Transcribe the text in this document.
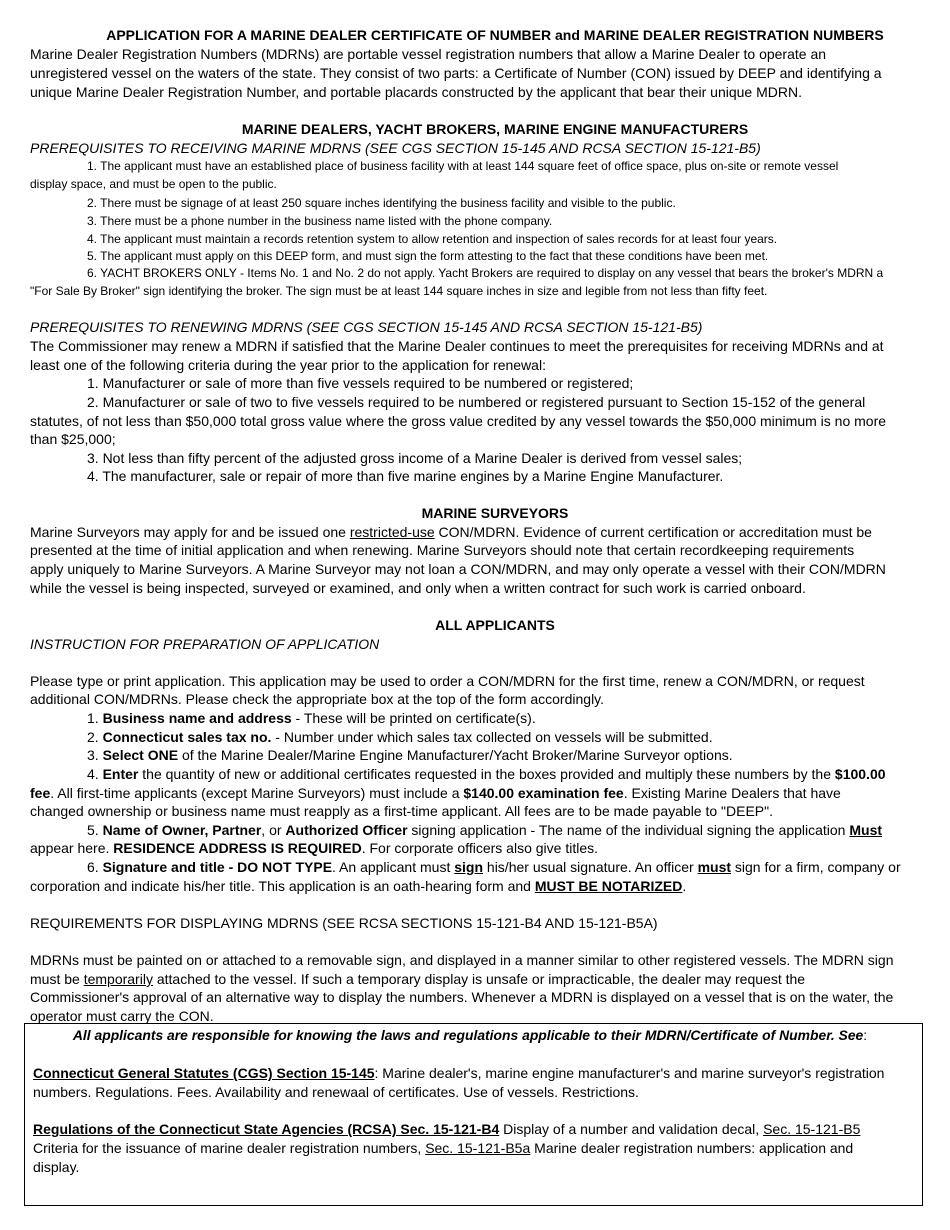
APPLICATION FOR A MARINE DEALER CERTIFICATE OF NUMBER and MARINE DEALER REGISTRATION NUMBERS
Marine Dealer Registration Numbers (MDRNs) are portable vessel registration numbers that allow a Marine Dealer to operate an
unregistered vessel on the waters of the state. They consist of two parts: a Certificate of Number (CON) issued by DEEP and identifying a
unique Marine Dealer Registration Number, and portable placards constructed by the applicant that bear their unique MDRN.
MARINE DEALERS, YACHT BROKERS, MARINE ENGINE MANUFACTURERS
PREREQUISITES TO RECEIVING MARINE MDRNS (SEE CGS SECTION 15-145 AND RCSA SECTION 15-121-B5)
1. The applicant must have an established place of business facility with at least 144 square feet of office space, plus on-site or remote vessel
display space, and must be open to the public.
2. There must be signage of at least 250 square inches identifying the business facility and visible to the public.
3. There must be a phone number in the business name listed with the phone company.
4. The applicant must maintain a records retention system to allow retention and inspection of sales records for at least four years.
5. The applicant must apply on this DEEP form, and must sign the form attesting to the fact that these conditions have been met.
6. YACHT BROKERS ONLY - Items No. 1 and No. 2 do not apply. Yacht Brokers are required to display on any vessel that bears the broker's MDRN a
"For Sale By Broker" sign identifying the broker. The sign must be at least 144 square inches in size and legible from not less than fifty feet.
PREREQUISITES TO RENEWING MDRNS (SEE CGS SECTION 15-145 AND RCSA SECTION 15-121-B5)
The Commissioner may renew a MDRN if satisfied that the Marine Dealer continues to meet the prerequisites for receiving MDRNs and at
least one of the following criteria during the year prior to the application for renewal:
1. Manufacturer or sale of more than five vessels required to be numbered or registered;
2. Manufacturer or sale of two to five vessels required to be numbered or registered pursuant to Section 15-152 of the general
statutes, of not less than $50,000 total gross value where the gross value credited by any vessel towards the $50,000 minimum is no more
than $25,000;
3. Not less than fifty percent of the adjusted gross income of a Marine Dealer is derived from vessel sales;
4. The manufacturer, sale or repair of more than five marine engines by a Marine Engine Manufacturer.
MARINE SURVEYORS
Marine Surveyors may apply for and be issued one restricted-use CON/MDRN. Evidence of current certification or accreditation must be
presented at the time of initial application and when renewing. Marine Surveyors should note that certain recordkeeping requirements
apply uniquely to Marine Surveyors. A Marine Surveyor may not loan a CON/MDRN, and may only operate a vessel with their CON/MDRN
while the vessel is being inspected, surveyed or examined, and only when a written contract for such work is carried onboard.
ALL APPLICANTS
INSTRUCTION FOR PREPARATION OF APPLICATION
Please type or print application. This application may be used to order a CON/MDRN for the first time, renew a CON/MDRN, or request
additional CON/MDRNs. Please check the appropriate box at the top of the form accordingly.
1. Business name and address - These will be printed on certificate(s).
2. Connecticut sales tax no. - Number under which sales tax collected on vessels will be submitted.
3. Select ONE of the Marine Dealer/Marine Engine Manufacturer/Yacht Broker/Marine Surveyor options.
4. Enter the quantity of new or additional certificates requested in the boxes provided and multiply these numbers by the $100.00
fee. All first-time applicants (except Marine Surveyors) must include a $140.00 examination fee. Existing Marine Dealers that have
changed ownership or business name must reapply as a first-time applicant. All fees are to be made payable to "DEEP".
5. Name of Owner, Partner, or Authorized Officer signing application - The name of the individual signing the application Must
appear here. RESIDENCE ADDRESS IS REQUIRED. For corporate officers also give titles.
6. Signature and title - DO NOT TYPE. An applicant must sign his/her usual signature. An officer must sign for a firm, company or
corporation and indicate his/her title. This application is an oath-hearing form and MUST BE NOTARIZED.
REQUIREMENTS FOR DISPLAYING MDRNS (SEE RCSA SECTIONS 15-121-B4 AND 15-121-B5A)
MDRNs must be painted on or attached to a removable sign, and displayed in a manner similar to other registered vessels. The MDRN sign
must be temporarily attached to the vessel. If such a temporary display is unsafe or impracticable, the dealer may request the
Commissioner's approval of an alternative way to display the numbers. Whenever a MDRN is displayed on a vessel that is on the water, the
operator must carry the CON.
All applicants are responsible for knowing the laws and regulations applicable to their MDRN/Certificate of Number. See:
Connecticut General Statutes (CGS) Section 15-145: Marine dealer's, marine engine manufacturer's and marine surveyor's registration
numbers. Regulations. Fees. Availability and renewaal of certificates. Use of vessels. Restrictions.
Regulations of the Connecticut State Agencies (RCSA) Sec. 15-121-B4 Display of a number and validation decal, Sec. 15-121-B5
Criteria for the issuance of marine dealer registration numbers, Sec. 15-121-B5a Marine dealer registration numbers: application and
display.
